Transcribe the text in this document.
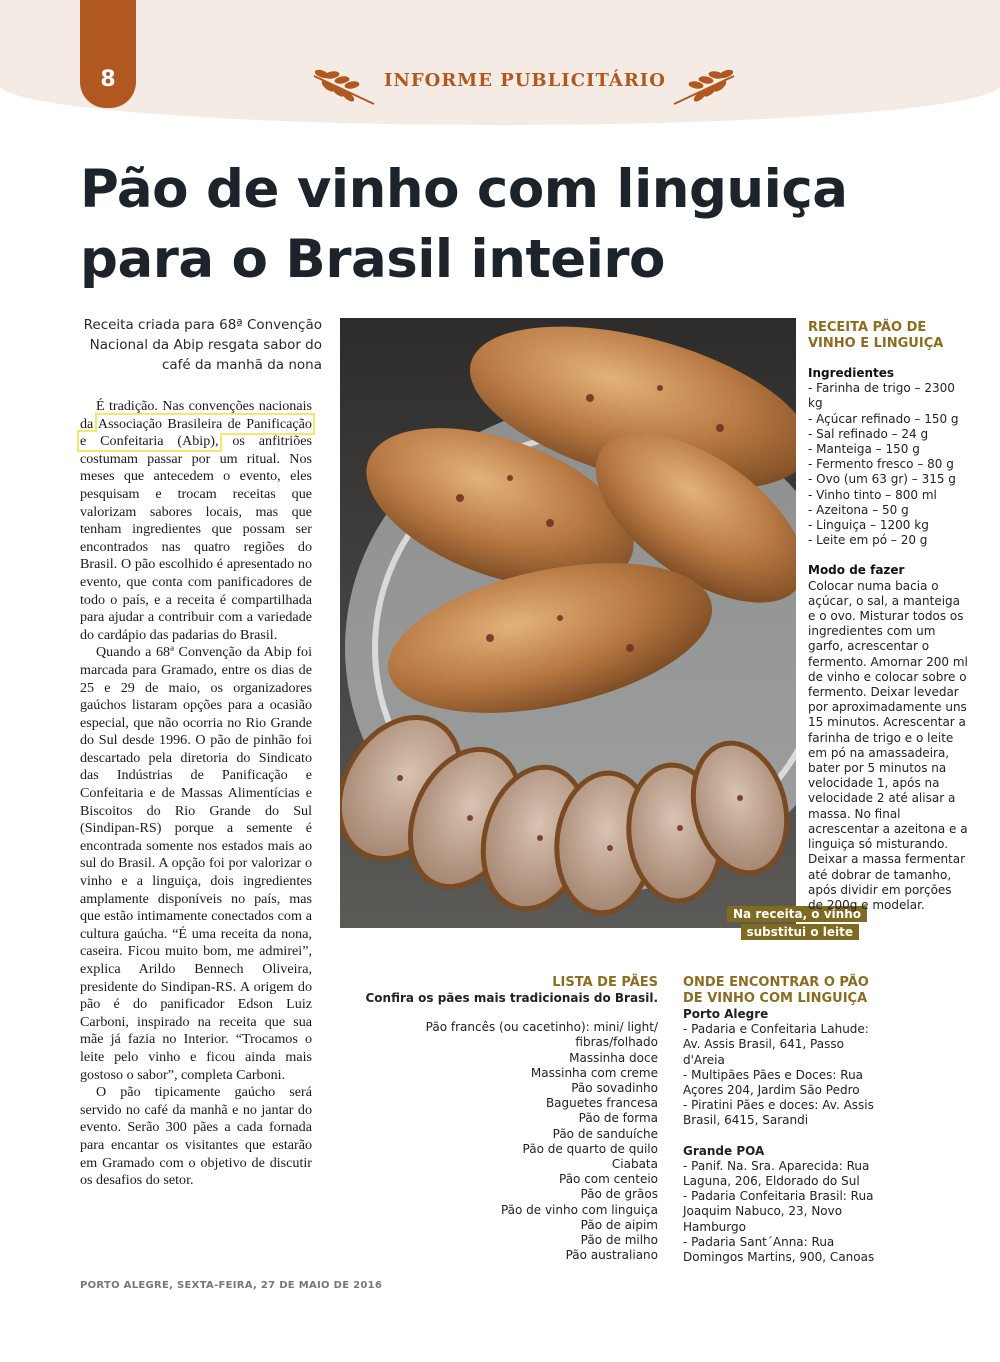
8	INFORME PUBLICITÁRIO
Pão de vinho com linguiça para o Brasil inteiro
Receita criada para 68ª Convenção Nacional da Abip resgata sabor do café da manhã da nona

É tradição. Nas convenções nacionais da Associação Brasileira de Panificação e Confeitaria (Abip), os anfitriões costumam passar por um ritual. Nos meses que antecedem o evento, eles pesquisam e trocam receitas que valorizam sabores locais, mas que tenham ingredientes que possam ser encontrados nas quatro regiões do Brasil. O pão escolhido é apresentado no evento, que conta com panificadores de todo o país, e a receita é compartilhada para ajudar a contribuir com a variedade do cardápio das padarias do Brasil.

Quando a 68ª Convenção da Abip foi marcada para Gramado, entre os dias de 25 e 29 de maio, os organizadores gaúchos listaram opções para a ocasião especial, que não ocorria no Rio Grande do Sul desde 1996. O pão de pinhão foi descartado pela diretoria do Sindicato das Indústrias de Panificação e Confeitaria e de Massas Alimentícias e Biscoitos do Rio Grande do Sul (Sindipan-RS) porque a semente é encontrada somente nos estados mais ao sul do Brasil. A opção foi por valorizar o vinho e a linguiça, dois ingredientes amplamente disponíveis no país, mas que estão intimamente conectados com a cultura gaúcha. “É uma receita da nona, caseira. Ficou muito bom, me admirei”, explica Arildo Bennech Oliveira, presidente do Sindipan-RS. A origem do pão é do panificador Edson Luiz Carboni, inspirado na receita que sua mãe já fazia no Interior. “Trocamos o leite pelo vinho e ficou ainda mais gostoso o sabor”, completa Carboni.

O pão tipicamente gaúcho será servido no café da manhã e no jantar do evento. Serão 300 pães a cada fornada para encantar os visitantes que estarão em Gramado com o objetivo de discutir os desafios do setor.

Na receita, o vinho
substitui o leite
RECEITA PÃO DE VINHO E LINGUIÇA

Ingredientes

- Farinha de trigo – 2300 kg

- Açúcar refinado – 150 g

- Sal refinado – 24 g

- Manteiga – 150 g

- Fermento fresco – 80 g

- Ovo (um 63 gr) – 315 g

- Vinho tinto – 800 ml

- Azeitona – 50 g

- Linguiça – 1200 kg

- Leite em pó – 20 g

Modo de fazer

Colocar numa bacia o açúcar, o sal, a manteiga e o ovo. Misturar todos os ingredientes com um garfo, acrescentar o fermento. Amornar 200 ml de vinho e colocar sobre o fermento. Deixar levedar por aproximadamente uns 15 minutos. Acrescentar a farinha de trigo e o leite em pó na amassadeira, bater por 5 minutos na velocidade 1, após na velocidade 2 até alisar a massa. No final acrescentar a azeitona e a linguiça só misturando. Deixar a massa fermentar até dobrar de tamanho, após dividir em porções de 200g e modelar.

LISTA DE PÃES

Confira os pães mais tradicionais do Brasil.

Pão francês (ou cacetinho): mini/ light/ fibras/folhado

Massinha doce

Massinha com creme

Pão sovadinho

Baguetes francesa

Pão de forma

Pão de sanduíche

Pão de quarto de quilo

Ciabata

Pão com centeio

Pão de grãos

Pão de vinho com linguiça

Pão de aipim

Pão de milho

Pão australiano

ONDE ENCONTRAR O PÃO DE VINHO COM LINGUIÇA

Porto Alegre

- Padaria e Confeitaria Lahude: Av. Assis Brasil, 641, Passo d'Areia

- Multipães Pães e Doces: Rua Açores 204, Jardim São Pedro

- Piratini Pães e doces: Av. Assis Brasil, 6415, Sarandi

Grande POA

- Panif. Na. Sra. Aparecida: Rua Laguna, 206, Eldorado do Sul

- Padaria Confeitaria Brasil: Rua Joaquim Nabuco, 23, Novo Hamburgo

- Padaria Sant´Anna: Rua Domingos Martins, 900, Canoas

PORTO ALEGRE, SEXTA-FEIRA, 27 DE MAIO DE 2016
